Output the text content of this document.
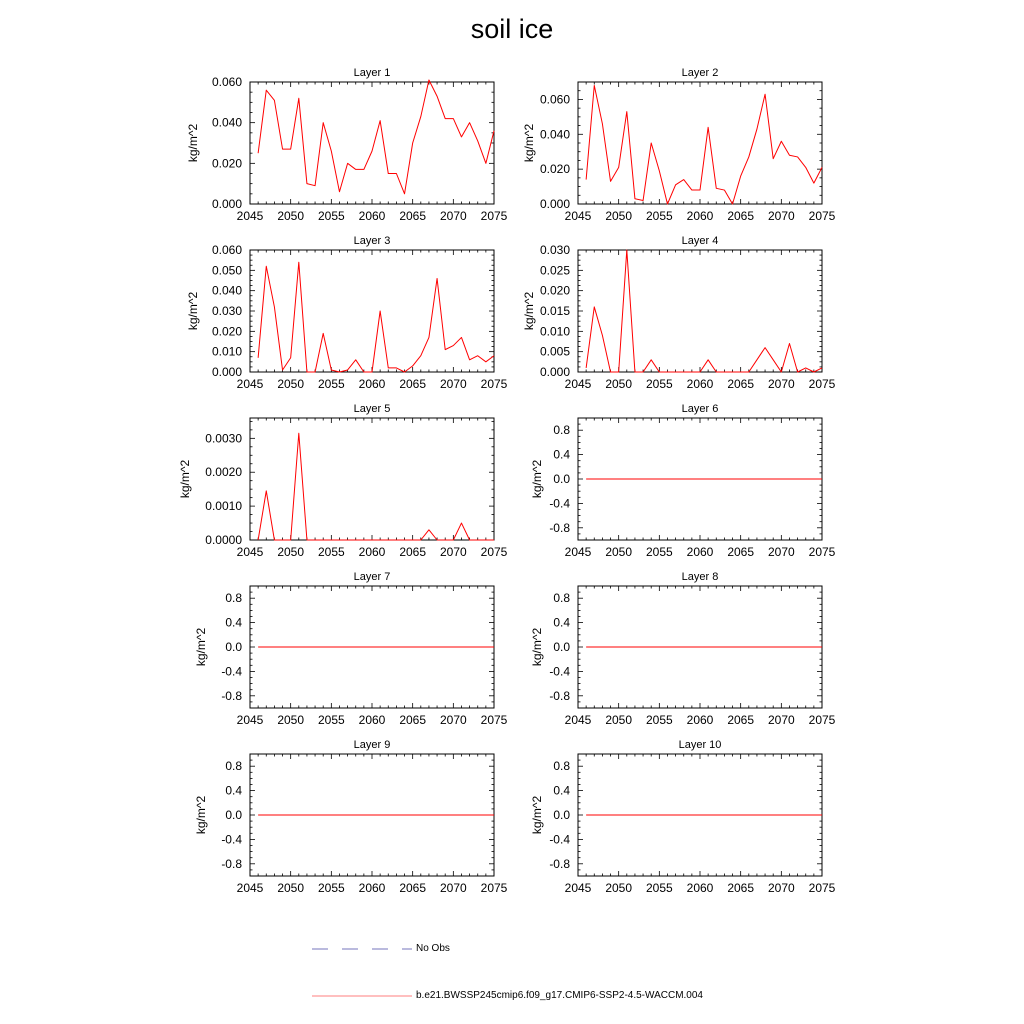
soil ice
Layer 1
2045 2050 2055 2060 2065 2070 2075
0.000
0.020
0.040
0.060
kg/m^2
Layer 2
2045 2050 2055 2060 2065 2070 2075
0.000
0.020
0.040
0.060
kg/m^2
Layer 3
2045 2050 2055 2060 2065 2070 2075
0.000
0.010
0.020
0.030
0.040
0.050
0.060
kg/m^2
Layer 4
2045 2050 2055 2060 2065 2070 2075
0.000
0.005
0.010
0.015
0.020
0.025
0.030
kg/m^2
Layer 5
2045 2050 2055 2060 2065 2070 2075
0.0000
0.0010
0.0020
0.0030
kg/m^2
Layer 6
2045 2050 2055 2060 2065 2070 2075
-0.8
-0.4
0.0
0.4
0.8
kg/m^2
Layer 7
2045 2050 2055 2060 2065 2070 2075
-0.8
-0.4
0.0
0.4
0.8
kg/m^2
Layer 8
2045 2050 2055 2060 2065 2070 2075
-0.8
-0.4
0.0
0.4
0.8
kg/m^2
Layer 9
2045 2050 2055 2060 2065 2070 2075
-0.8
-0.4
0.0
0.4
0.8
kg/m^2
Layer 10
2045 2050 2055 2060 2065 2070 2075
-0.8
-0.4
0.0
0.4
0.8
kg/m^2
No Obs
b.e21.BWSSP245cmip6.f09_g17.CMIP6-SSP2-4.5-WACCM.004
